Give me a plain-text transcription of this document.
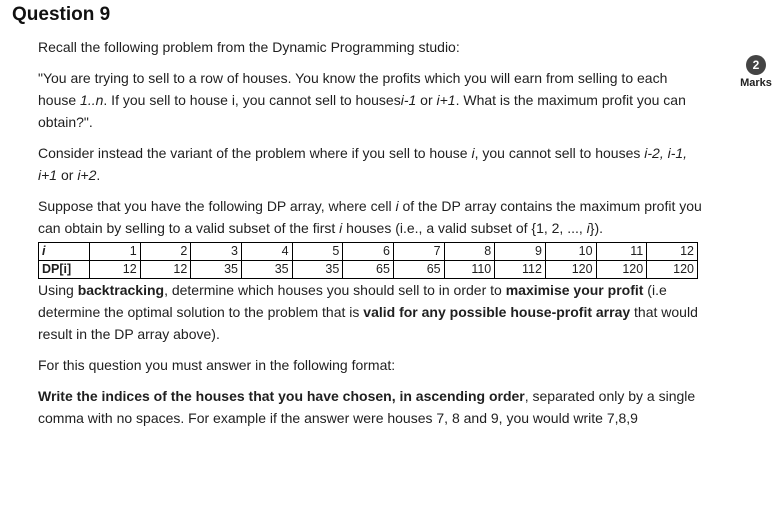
Question 9
2
Marks

Recall the following problem from the Dynamic Programming studio:

"You are trying to sell to a row of houses. You know the profits which you will earn from selling to each house 1..n. If you sell to house i, you cannot sell to housesi-1 or i+1. What is the maximum profit you can obtain?".

Consider instead the variant of the problem where if you sell to house i, you cannot sell to houses i-2, i-1, i+1 or i+2.

Suppose that you have the following DP array, where cell i of the DP array contains the maximum profit you can obtain by selling to a valid subset of the first i houses (i.e., a valid subset of {1, 2, ..., i}).

i	1	2	3	4	5	6	7	8	9	10	11	12
DP[i]	12	12	35	35	35	65	65	110	112	120	120	120

Using backtracking, determine which houses you should sell to in order to maximise your profit (i.e determine the optimal solution to the problem that is valid for any possible house-profit array that would result in the DP array above).

For this question you must answer in the following format:

Write the indices of the houses that you have chosen, in ascending order, separated only by a single comma with no spaces. For example if the answer were houses 7, 8 and 9, you would write 7,8,9
